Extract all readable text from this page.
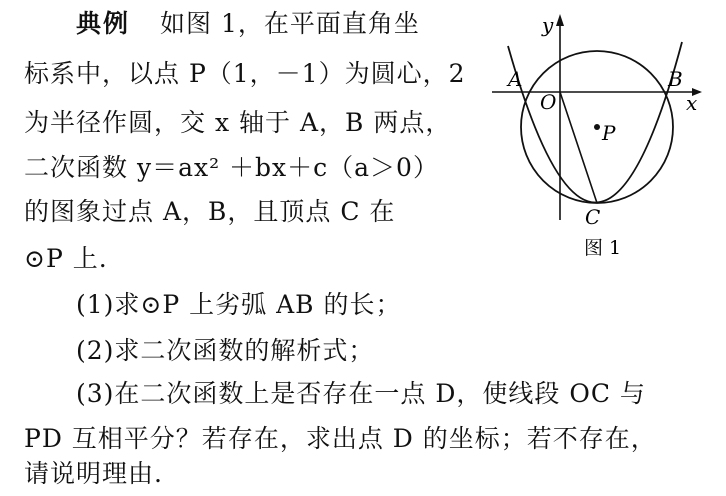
典例 如图 1，在平面直角坐
标系中，以点 P（1，－1）为圆心，2
为半径作圆，交 x 轴于 A，B 两点，
二次函数 y＝ax² ＋bx＋c（a＞0）
的图象过点 A，B，且顶点 C 在
⊙P 上.
(1)求⊙P 上劣弧 AB 的长；
(2)求二次函数的解析式；
(3)在二次函数上是否存在一点 D，使线段 OC 与
PD 互相平分？若存在，求出点 D 的坐标；若不存在，
请说明理由.
y
x
O
A	B
C
P
图 1
